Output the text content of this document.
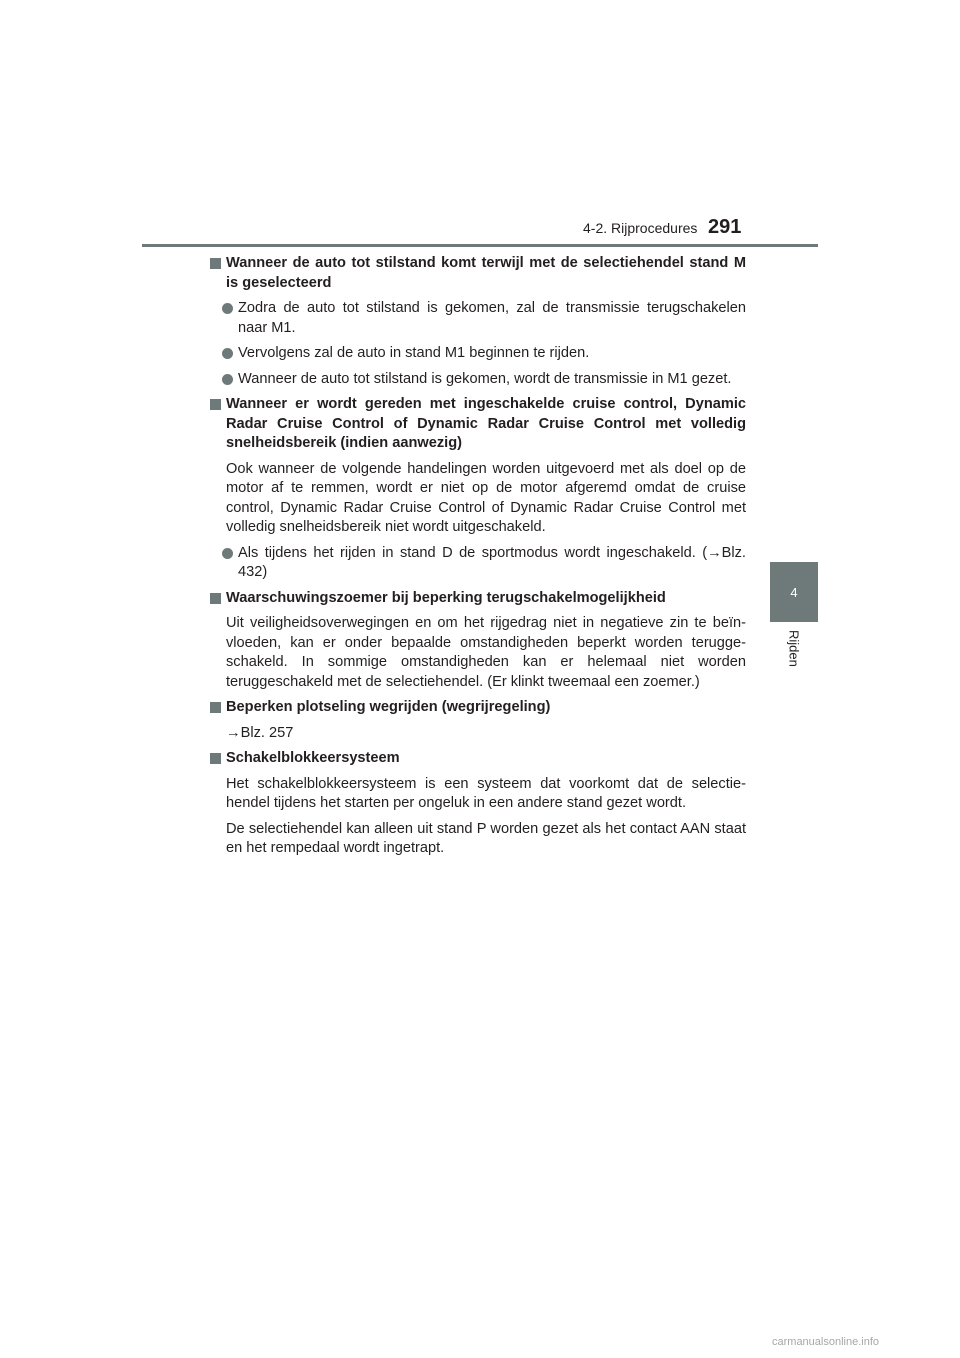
4-2. Rijprocedures 291
4
Rijden
Wanneer de auto tot stilstand komt terwijl met de selectiehendel stand M is geselecteerd
Zodra de auto tot stilstand is gekomen, zal de transmissie terugschakelen naar M1.
Vervolgens zal de auto in stand M1 beginnen te rijden.
Wanneer de auto tot stilstand is gekomen, wordt de transmissie in M1 gezet.
Wanneer er wordt gereden met ingeschakelde cruise control, Dynamic Radar Cruise Control of Dynamic Radar Cruise Control met volledig snelheidsbereik (indien aanwezig)
Ook wanneer de volgende handelingen worden uitgevoerd met als doel op de motor af te remmen, wordt er niet op de motor afgeremd omdat de cruise control, Dynamic Radar Cruise Control of Dynamic Radar Cruise Control met volledig snelheidsbereik niet wordt uitgeschakeld.
Als tijdens het rijden in stand D de sportmodus wordt ingeschakeld. (→Blz. 432)
Waarschuwingszoemer bij beperking terugschakelmogelijkheid
Uit veiligheidsoverwegingen en om het rijgedrag niet in negatieve zin te beïn-vloeden, kan er onder bepaalde omstandigheden beperkt worden terugge-schakeld. In sommige omstandigheden kan er helemaal niet worden teruggeschakeld met de selectiehendel. (Er klinkt tweemaal een zoemer.)
Beperken plotseling wegrijden (wegrijregeling)
→Blz. 257
Schakelblokkeersysteem
Het schakelblokkeersysteem is een systeem dat voorkomt dat de selectie-hendel tijdens het starten per ongeluk in een andere stand gezet wordt.
De selectiehendel kan alleen uit stand P worden gezet als het contact AAN staat en het rempedaal wordt ingetrapt.
carmanualsonline.info
